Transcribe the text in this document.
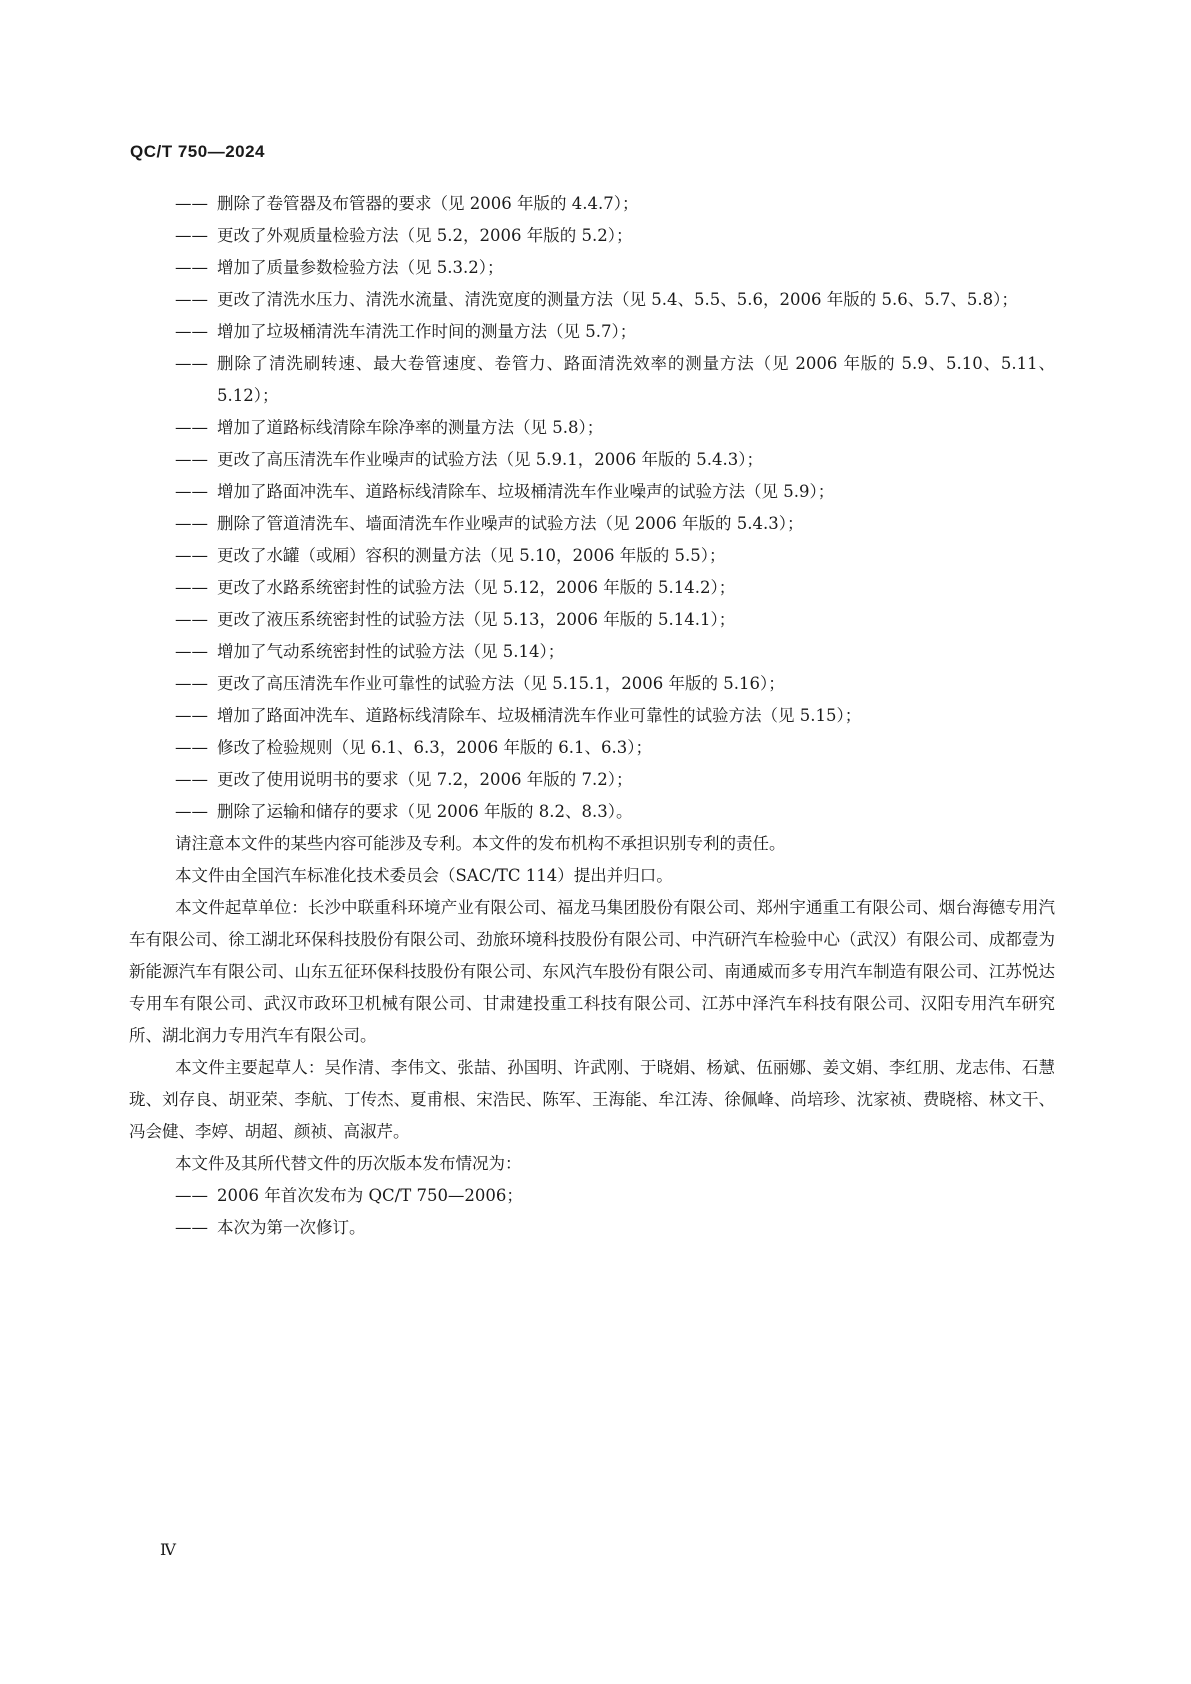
QC/T 750—2024
—— 删除了卷管器及布管器的要求（见 2006 年版的 4.4.7）；
—— 更改了外观质量检验方法（见 5.2，2006 年版的 5.2）；
—— 增加了质量参数检验方法（见 5.3.2）；
—— 更改了清洗水压力、清洗水流量、清洗宽度的测量方法（见 5.4、5.5、5.6，2006 年版的 5.6、5.7、5.8）；
—— 增加了垃圾桶清洗车清洗工作时间的测量方法（见 5.7）；
—— 删除了清洗刷转速、最大卷管速度、卷管力、路面清洗效率的测量方法（见 2006 年版的 5.9、5.10、5.11、5.12）；
—— 增加了道路标线清除车除净率的测量方法（见 5.8）；
—— 更改了高压清洗车作业噪声的试验方法（见 5.9.1，2006 年版的 5.4.3）；
—— 增加了路面冲洗车、道路标线清除车、垃圾桶清洗车作业噪声的试验方法（见 5.9）；
—— 删除了管道清洗车、墙面清洗车作业噪声的试验方法（见 2006 年版的 5.4.3）；
—— 更改了水罐（或厢）容积的测量方法（见 5.10，2006 年版的 5.5）；
—— 更改了水路系统密封性的试验方法（见 5.12，2006 年版的 5.14.2）；
—— 更改了液压系统密封性的试验方法（见 5.13，2006 年版的 5.14.1）；
—— 增加了气动系统密封性的试验方法（见 5.14）；
—— 更改了高压清洗车作业可靠性的试验方法（见 5.15.1，2006 年版的 5.16）；
—— 增加了路面冲洗车、道路标线清除车、垃圾桶清洗车作业可靠性的试验方法（见 5.15）；
—— 修改了检验规则（见 6.1、6.3，2006 年版的 6.1、6.3）；
—— 更改了使用说明书的要求（见 7.2，2006 年版的 7.2）；
—— 删除了运输和储存的要求（见 2006 年版的 8.2、8.3）。
请注意本文件的某些内容可能涉及专利。本文件的发布机构不承担识别专利的责任。
本文件由全国汽车标准化技术委员会（SAC/TC 114）提出并归口。
本文件起草单位：长沙中联重科环境产业有限公司、福龙马集团股份有限公司、郑州宇通重工有限公司、烟台海德专用汽车有限公司、徐工湖北环保科技股份有限公司、劲旅环境科技股份有限公司、中汽研汽车检验中心（武汉）有限公司、成都壹为新能源汽车有限公司、山东五征环保科技股份有限公司、东风汽车股份有限公司、南通威而多专用汽车制造有限公司、江苏悦达专用车有限公司、武汉市政环卫机械有限公司、甘肃建投重工科技有限公司、江苏中泽汽车科技有限公司、汉阳专用汽车研究所、湖北润力专用汽车有限公司。
本文件主要起草人：吴作清、李伟文、张喆、孙国明、许武刚、于晓娟、杨斌、伍丽娜、姜文娟、李红朋、龙志伟、石慧珑、刘存良、胡亚荣、李航、丁传杰、夏甫根、宋浩民、陈军、王海能、牟江涛、徐佩峰、尚培珍、沈家祯、费晓榕、林文干、冯会健、李婷、胡超、颜祯、高淑芹。
本文件及其所代替文件的历次版本发布情况为：
—— 2006 年首次发布为 QC/T 750—2006；
—— 本次为第一次修订。
Ⅳ
